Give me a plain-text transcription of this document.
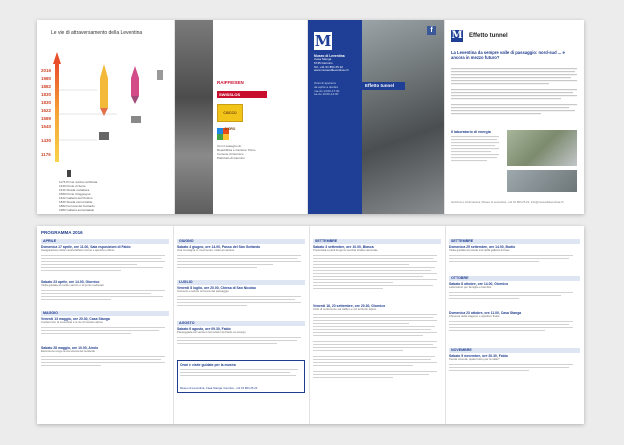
Le vie di attraversamento della Leventina
2016
1980
1882
1830
1830
1622
1589
1540
1430
1176
1176 Prima notizia certificata
1430 Ponte di Sorte
1540 Strada mulattiera
1589 Ponte Chiggiogna
1622 Galleria del Piottino
1830 Strada carrozzabile
1882 Ferrovia del Gottardo
1980 Galleria autostradale
RAIFFEISEN
SWISSLOS
CIOCCO D'ORO
Con il sostegno di:
Repubblica e Cantone Ticino
Comune di Giornico
Patriziato di Giornico
M
Museo di Leventina
Casa Stanga
6745 Giornico
Tel. +41 91 864 25 22
www.museodileventina.ch
Orari di apertura
da aprile a ottobre
ma-do 14:00-17:30
sa-do 10:00-12:00
f
Effetto tunnel
M Effetto tunnel
La Leventina da sempre valle di passaggio: nord-sud ... e ancora in mezzo futuro?
Il laboratorio di energia
Iscrizioni e informazioni: Museo di Leventina, +41 91 864 25 22, info@museodileventina.ch
PROGRAMMA 2016
APRILE
Domenica 17 aprile, ore 11.00, Sala esposizioni di Faido
Inaugurazione della mostra Effetto tunnel e aperitivo offerto
Sabato 23 aprile, ore 14.00, Giornico
Visita guidata al nucleo storico e ai ponti medievali
MAGGIO
Venerdì 13 maggio, ore 20.30, Casa Stanga
Conferenza: la Leventina e le vie di transito alpine
Sabato 28 maggio, ore 10.00, Airolo
Escursione lungo la via storica del Gottardo
GIUGNO
Sabato 4 giugno, ore 14.00, Passo del San Gottardo
Una montagna in movimento: visita al cantiere
LUGLIO
Venerdì 8 luglio, ore 20.00, Chiesa di San Nicolao
Concerto e letture sul tema del passaggio
AGOSTO
Sabato 6 agosto, ore 09.30, Faido
Passeggiata sul sentiero ferroviario da Faido a Lavorgo
Orari e visite guidate per la mostra
Museo di Leventina, Casa Stanga, Giornico, +41 91 864 25 22
SETTEMBRE
Sabato 3 settembre, ore 10.00, Biasca
Traversata a piedi lungo la vecchia strada cantonale
Venerdì 16, 23 settembre, ore 20.30, Giornico
Ciclo di conferenze sul traffico e sul territorio alpino
SETTEMBRE
Domenica 25 settembre, ore 14.00, Bodio
Visita guidata al portale sud della galleria di base
OTTOBRE
Sabato 8 ottobre, ore 14.00, Giornico
Laboratorio per famiglie e bambini
Domenica 23 ottobre, ore 11.00, Casa Stanga
Chiusura della stagione e aperitivo finale
NOVEMBRE
Sabato 5 novembre, ore 20.30, Faido
Tavola rotonda: quale futuro per la valle?
